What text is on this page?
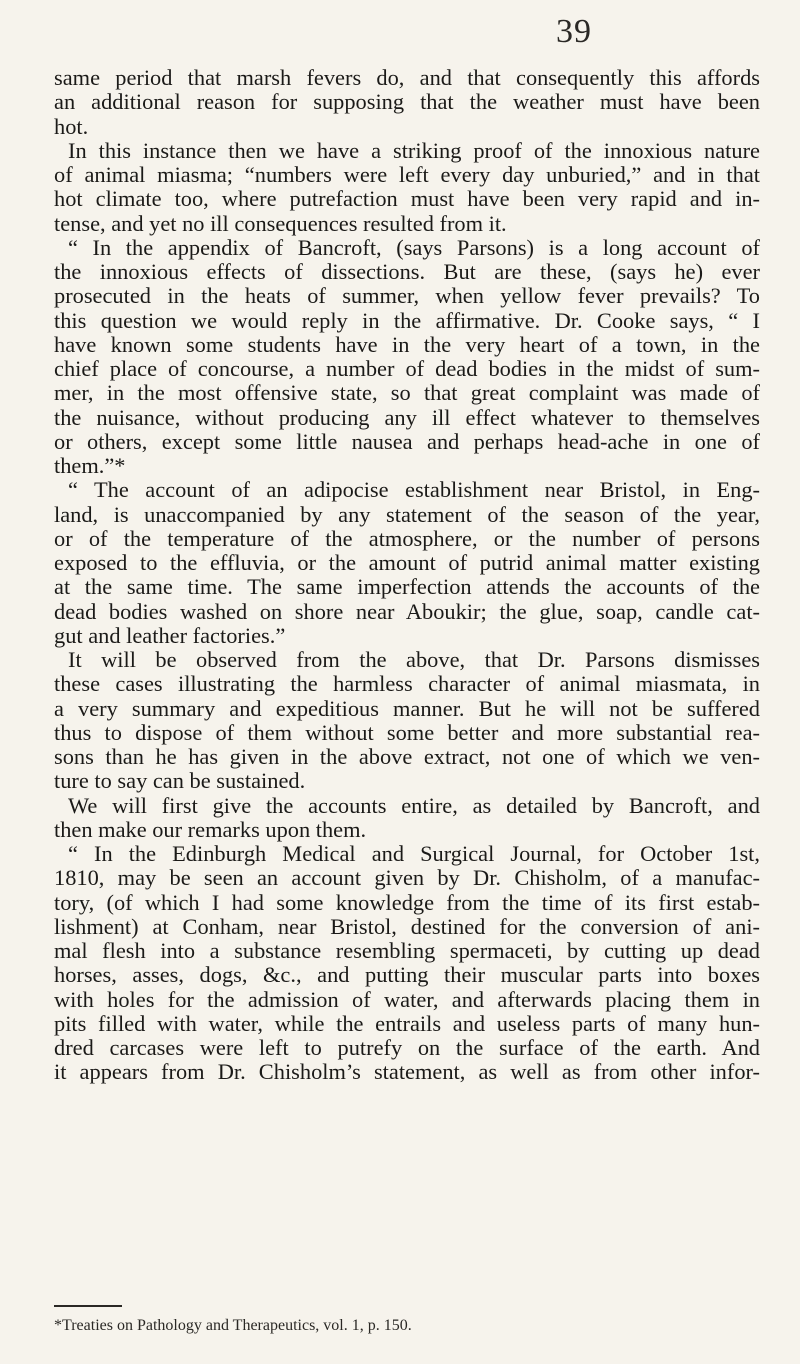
39
same period that marsh fevers do, and that consequently this affords
an additional reason for supposing that the weather must have been
hot.
In this instance then we have a striking proof of the innoxious nature
of animal miasma; “numbers were left every day unburied,” and in that
hot climate too, where putrefaction must have been very rapid and in-
tense, and yet no ill consequences resulted from it.
“ In the appendix of Bancroft, (says Parsons) is a long account of
the innoxious effects of dissections. But are these, (says he) ever
prosecuted in the heats of summer, when yellow fever prevails? To
this question we would reply in the affirmative. Dr. Cooke says, “ I
have known some students have in the very heart of a town, in the
chief place of concourse, a number of dead bodies in the midst of sum-
mer, in the most offensive state, so that great complaint was made of
the nuisance, without producing any ill effect whatever to themselves
or others, except some little nausea and perhaps head-ache in one of
them.”*
“ The account of an adipocise establishment near Bristol, in Eng-
land, is unaccompanied by any statement of the season of the year,
or of the temperature of the atmosphere, or the number of persons
exposed to the effluvia, or the amount of putrid animal matter existing
at the same time. The same imperfection attends the accounts of the
dead bodies washed on shore near Aboukir; the glue, soap, candle cat-
gut and leather factories.”
It will be observed from the above, that Dr. Parsons dismisses
these cases illustrating the harmless character of animal miasmata, in
a very summary and expeditious manner. But he will not be suffered
thus to dispose of them without some better and more substantial rea-
sons than he has given in the above extract, not one of which we ven-
ture to say can be sustained.
We will first give the accounts entire, as detailed by Bancroft, and
then make our remarks upon them.
“ In the Edinburgh Medical and Surgical Journal, for October 1st,
1810, may be seen an account given by Dr. Chisholm, of a manufac-
tory, (of which I had some knowledge from the time of its first estab-
lishment) at Conham, near Bristol, destined for the conversion of ani-
mal flesh into a substance resembling spermaceti, by cutting up dead
horses, asses, dogs, &c., and putting their muscular parts into boxes
with holes for the admission of water, and afterwards placing them in
pits filled with water, while the entrails and useless parts of many hun-
dred carcases were left to putrefy on the surface of the earth. And
it appears from Dr. Chisholm’s statement, as well as from other infor-
*Treaties on Pathology and Therapeutics, vol. 1, p. 150.
